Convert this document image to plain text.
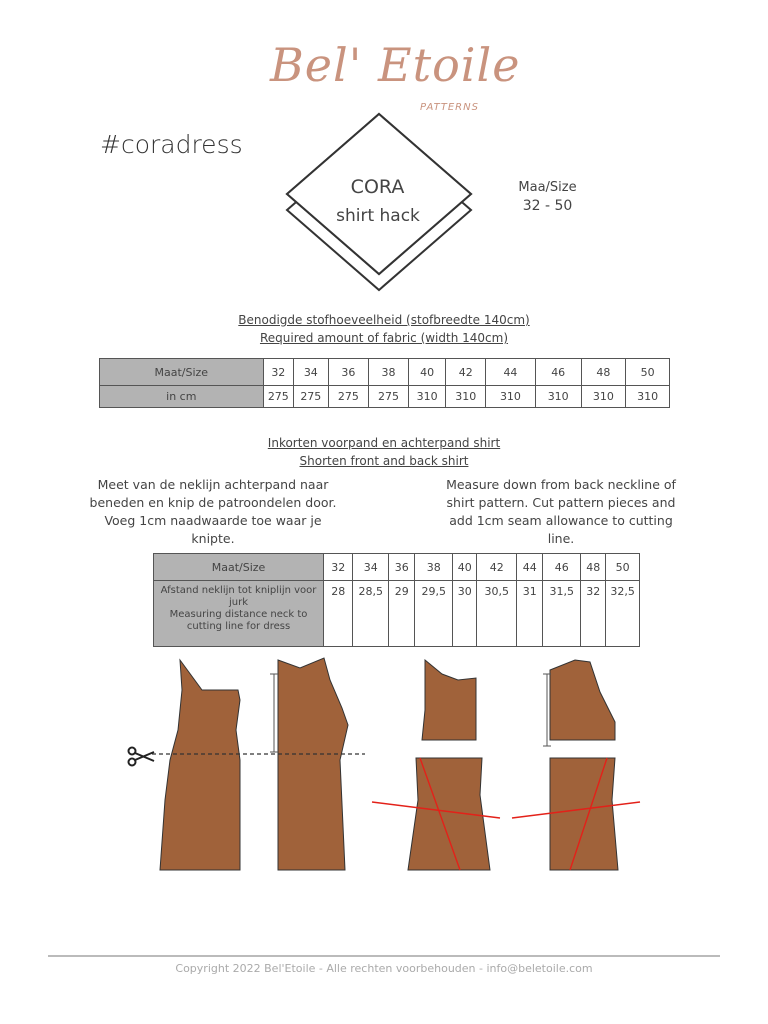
Bel' Etoile
PATTERNS
#coradress
CORA
shirt hack
Maa/Size
32 - 50
Benodigde stofhoeveelheid (stofbreedte 140cm)
Required amount of fabric (width 140cm)
Maat/Size	32	34	36	38	40	42	44	46	48	50
in cm	275	275	275	275	310	310	310	310	310	310
Inkorten voorpand en achterpand shirt
Shorten front and back shirt
Meet van de neklijn achterpand naar beneden en knip de patroondelen door. Voeg 1cm naadwaarde toe waar je knipte.
Measure down from back neckline of shirt pattern. Cut pattern pieces and add 1cm seam allowance to cutting line.
Maat/Size	32	34	36	38	40	42	44	46	48	50

Afstand neklijn tot kniplijn voor jurk
Measuring distance neck to cutting line for dress	28	28,5	29	29,5	30	30,5	31	31,5	32	32,5
Copyright 2022 Bel'Etoile - Alle rechten voorbehouden - info@beletoile.com
